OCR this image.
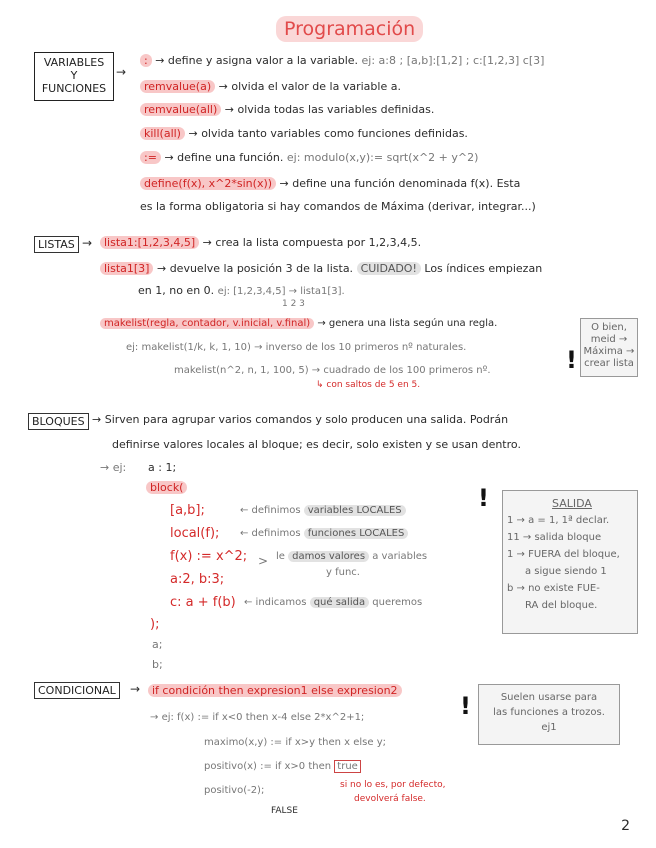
Programación
VARIABLES
Y
FUNCIONES
→
: → define y asigna valor a la variable. ej: a:8 ; [a,b]:[1,2] ; c:[1,2,3] c[3]
remvalue(a) → olvida el valor de la variable a.
remvalue(all) → olvida todas las variables definidas.
kill(all) → olvida tanto variables como funciones definidas.
:= → define una función. ej: modulo(x,y):= sqrt(x^2 + y^2)
define(f(x), x^2*sin(x)) → define una función denominada f(x). Esta
es la forma obligatoria si hay comandos de Máxima (derivar, integrar...)
LISTAS →	lista1:[1,2,3,4,5] → crea la lista compuesta por 1,2,3,4,5.
lista1[3] → devuelve la posición 3 de la lista. CUIDADO! Los índices empiezan
en 1, no en 0. ej: [1,2,3,4,5] → lista1[3].
1 2 3
makelist(regla, contador, v.inicial, v.final) → genera una lista según una regla.
ej: makelist(1/k, k, 1, 10) → inverso de los 10 primeros nº naturales.
makelist(n^2, n, 1, 100, 5) → cuadrado de los 100 primeros nº.
↳ con saltos de 5 en 5.
!
O bien,
meid →
Máxima →
crear lista
BLOQUES → Sirven para agrupar varios comandos y solo producen una salida. Podrán
definirse valores locales al bloque; es decir, solo existen y se usan dentro.
→ ej: a : 1;
block(
[a,b];	← definimos variables LOCALES
local(f); ← definimos funciones LOCALES
f(x) := x^2;
a:2, b:3;
> le damos valores a variables
y func.
c: a + f(b) ← indicamos qué salida queremos
);
a;
b;
!	SALIDA
1 → a = 1, 1ª declar.
11 → salida bloque
1 → FUERA del bloque,
a sigue siendo 1
b → no existe FUE-
RA del bloque.
CONDICIONAL	→	if condición then expresion1 else expresion2
→ ej: f(x) := if x<0 then x-4 else 2*x^2+1;
maximo(x,y) := if x>y then x else y;
positivo(x) := if x>0 then true
positivo(-2);
FALSE
si no lo es, por defecto,
devolverá false.
!	Suelen usarse para
las funciones a trozos.
ej1
2
